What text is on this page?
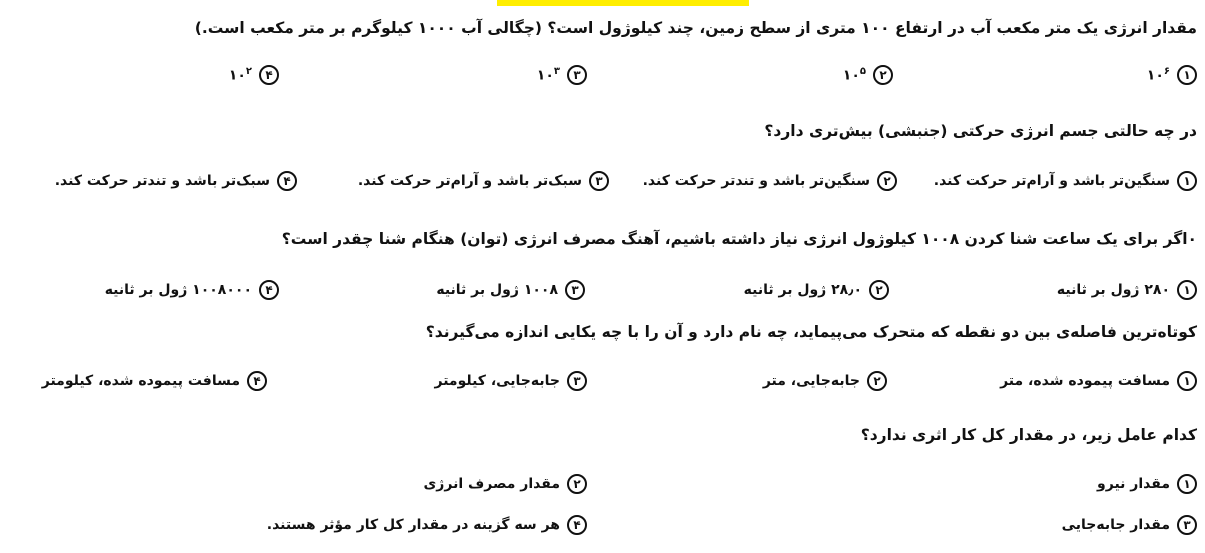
مقدار انرژی یک متر مکعب آب در ارتفاع ۱۰۰ متری از سطح زمین، چند کیلوژول است؟ (چگالی آب ۱۰۰۰ کیلوگرم بر متر مکعب است.)
۱
$۱۰^۶$
۲
$۱۰^۵$
۳
$۱۰^۳$
۴
$۱۰^۲$
در چه حالتی جسم انرژی حرکتی (جنبشی) بیش‌تری دارد؟
۱
سنگین‌تر باشد و آرام‌تر حرکت کند.
۲
سنگین‌تر باشد و تندتر حرکت کند.
۳
سبک‌تر باشد و آرام‌تر حرکت کند.
۴
سبک‌تر باشد و تندتر حرکت کند.
۰اگر برای یک ساعت شنا کردن ۱۰۰۸ کیلوژول انرژی نیاز داشته باشیم، آهنگ مصرف انرژی (توان) هنگام شنا چقدر است؟
۱
۲۸۰ ژول بر ثانیه
۲
۲۸٫۰ ژول بر ثانیه
۳
۱۰۰۸ ژول بر ثانیه
۴
۱۰۰۸۰۰۰ ژول بر ثانیه
کوتاه‌ترین فاصله‌ی بین دو نقطه که متحرک می‌پیماید، چه نام دارد و آن را با چه یکایی اندازه می‌گیرند؟
۱
مسافت پیموده شده، متر
۲
جابه‌جایی، متر
۳
جابه‌جایی، کیلومتر
۴
مسافت پیموده شده، کیلومتر
کدام عامل زیر، در مقدار کل کار اثری ندارد؟
۱
مقدار نیرو
۲
مقدار مصرف انرژی
۳
مقدار جابه‌جایی
۴
هر سه گزینه در مقدار کل کار مؤثر هستند.
